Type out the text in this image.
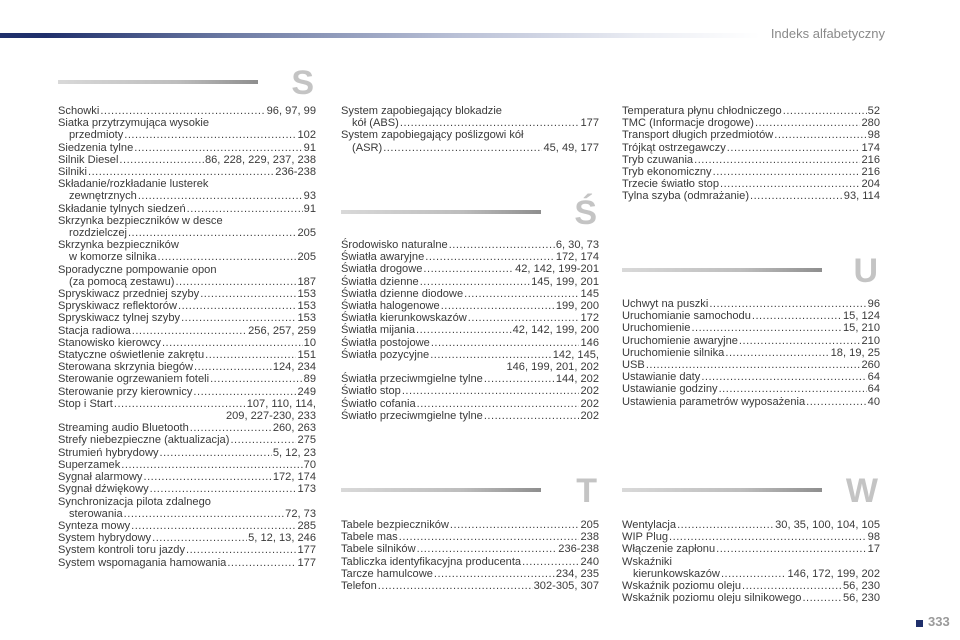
Indeks alfabetyczny
S
Schowki .....	96, 97, 99
Siatka przytrzymująca wysokie
przedmioty .....	102
Siedzenia tylne .....	91
Silnik Diesel .....	86, 228, 229, 237, 238
Silniki .....	236-238
Składanie/rozkładanie lusterek
zewnętrznych .....	93
Składanie tylnych siedzeń .....	91
Skrzynka bezpieczników w desce
rozdzielczej .....	205
Skrzynka bezpieczników
w komorze silnika .....	205
Sporadyczne pompowanie opon
(za pomocą zestawu) .....	187
Spryskiwacz przedniej szyby .....	153
Spryskiwacz reflektorów .....	153
Spryskiwacz tylnej szyby .....	153
Stacja radiowa .....	256, 257, 259
Stanowisko kierowcy .....	10
Statyczne oświetlenie zakrętu .....	151
Sterowana skrzynia biegów .....	124, 234
Sterowanie ogrzewaniem foteli .....	89
Sterowanie przy kierownicy .....	249
Stop i Start .....	107, 110, 114,
209, 227-230, 233
Streaming audio Bluetooth .....	260, 263
Strefy niebezpieczne (aktualizacja) .....	275
Strumień hybrydowy .....	5, 12, 23
Superzamek .....	70
Sygnał alarmowy .....	172, 174
Sygnał dźwiękowy .....	173
Synchronizacja pilota zdalnego
sterowania .....	72, 73
Synteza mowy .....	285
System hybrydowy .....	5, 12, 13, 246
System kontroli toru jazdy .....	177
System wspomagania hamowania .....	177
System zapobiegający blokadzie
kół (ABS) .....	177
System zapobiegający poślizgowi kół
(ASR) .....	45, 49, 177
Ś
Środowisko naturalne .....	6, 30, 73
Światła awaryjne .....	172, 174
Światła drogowe .....	42, 142, 199-201
Światła dzienne .....	145, 199, 201
Światła dzienne diodowe .....	145
Światła halogenowe .....	199, 200
Światła kierunkowskazów .....	172
Światła mijania .....	42, 142, 199, 200
Światła postojowe .....	146
Światła pozycyjne .....	142, 145,
146, 199, 201, 202
Światła przeciwmgielne tylne .....	144, 202
Światło stop .....	202
Światło cofania .....	202
Światło przeciwmgielne tylne .....	202
T
Tabele bezpieczników .....	205
Tabele mas .....	238
Tabele silników .....	236-238
Tabliczka identyfikacyjna producenta .....	240
Tarcze hamulcowe .....	234, 235
Telefon .....	302-305, 307
Temperatura płynu chłodniczego .....	52
TMC (Informacje drogowe) .....	280
Transport długich przedmiotów .....	98
Trójkąt ostrzegawczy .....	174
Tryb czuwania .....	216
Tryb ekonomiczny .....	216
Trzecie światło stop .....	204
Tylna szyba (odmrażanie) .....	93, 114
U
Uchwyt na puszki .....	96
Uruchomianie samochodu .....	15, 124
Uruchomienie .....	15, 210
Uruchomienie awaryjne .....	210
Uruchomienie silnika .....	18, 19, 25
USB .....	260
Ustawianie daty .....	64
Ustawianie godziny .....	64
Ustawienia parametrów wyposażenia .....	40
W
Wentylacja .....	30, 35, 100, 104, 105
WIP Plug .....	98
Włączenie zapłonu .....	17
Wskaźniki
kierunkowskazów .....	146, 172, 199, 202
Wskaźnik poziomu oleju .....	56, 230
Wskaźnik poziomu oleju silnikowego .....	56, 230
333
